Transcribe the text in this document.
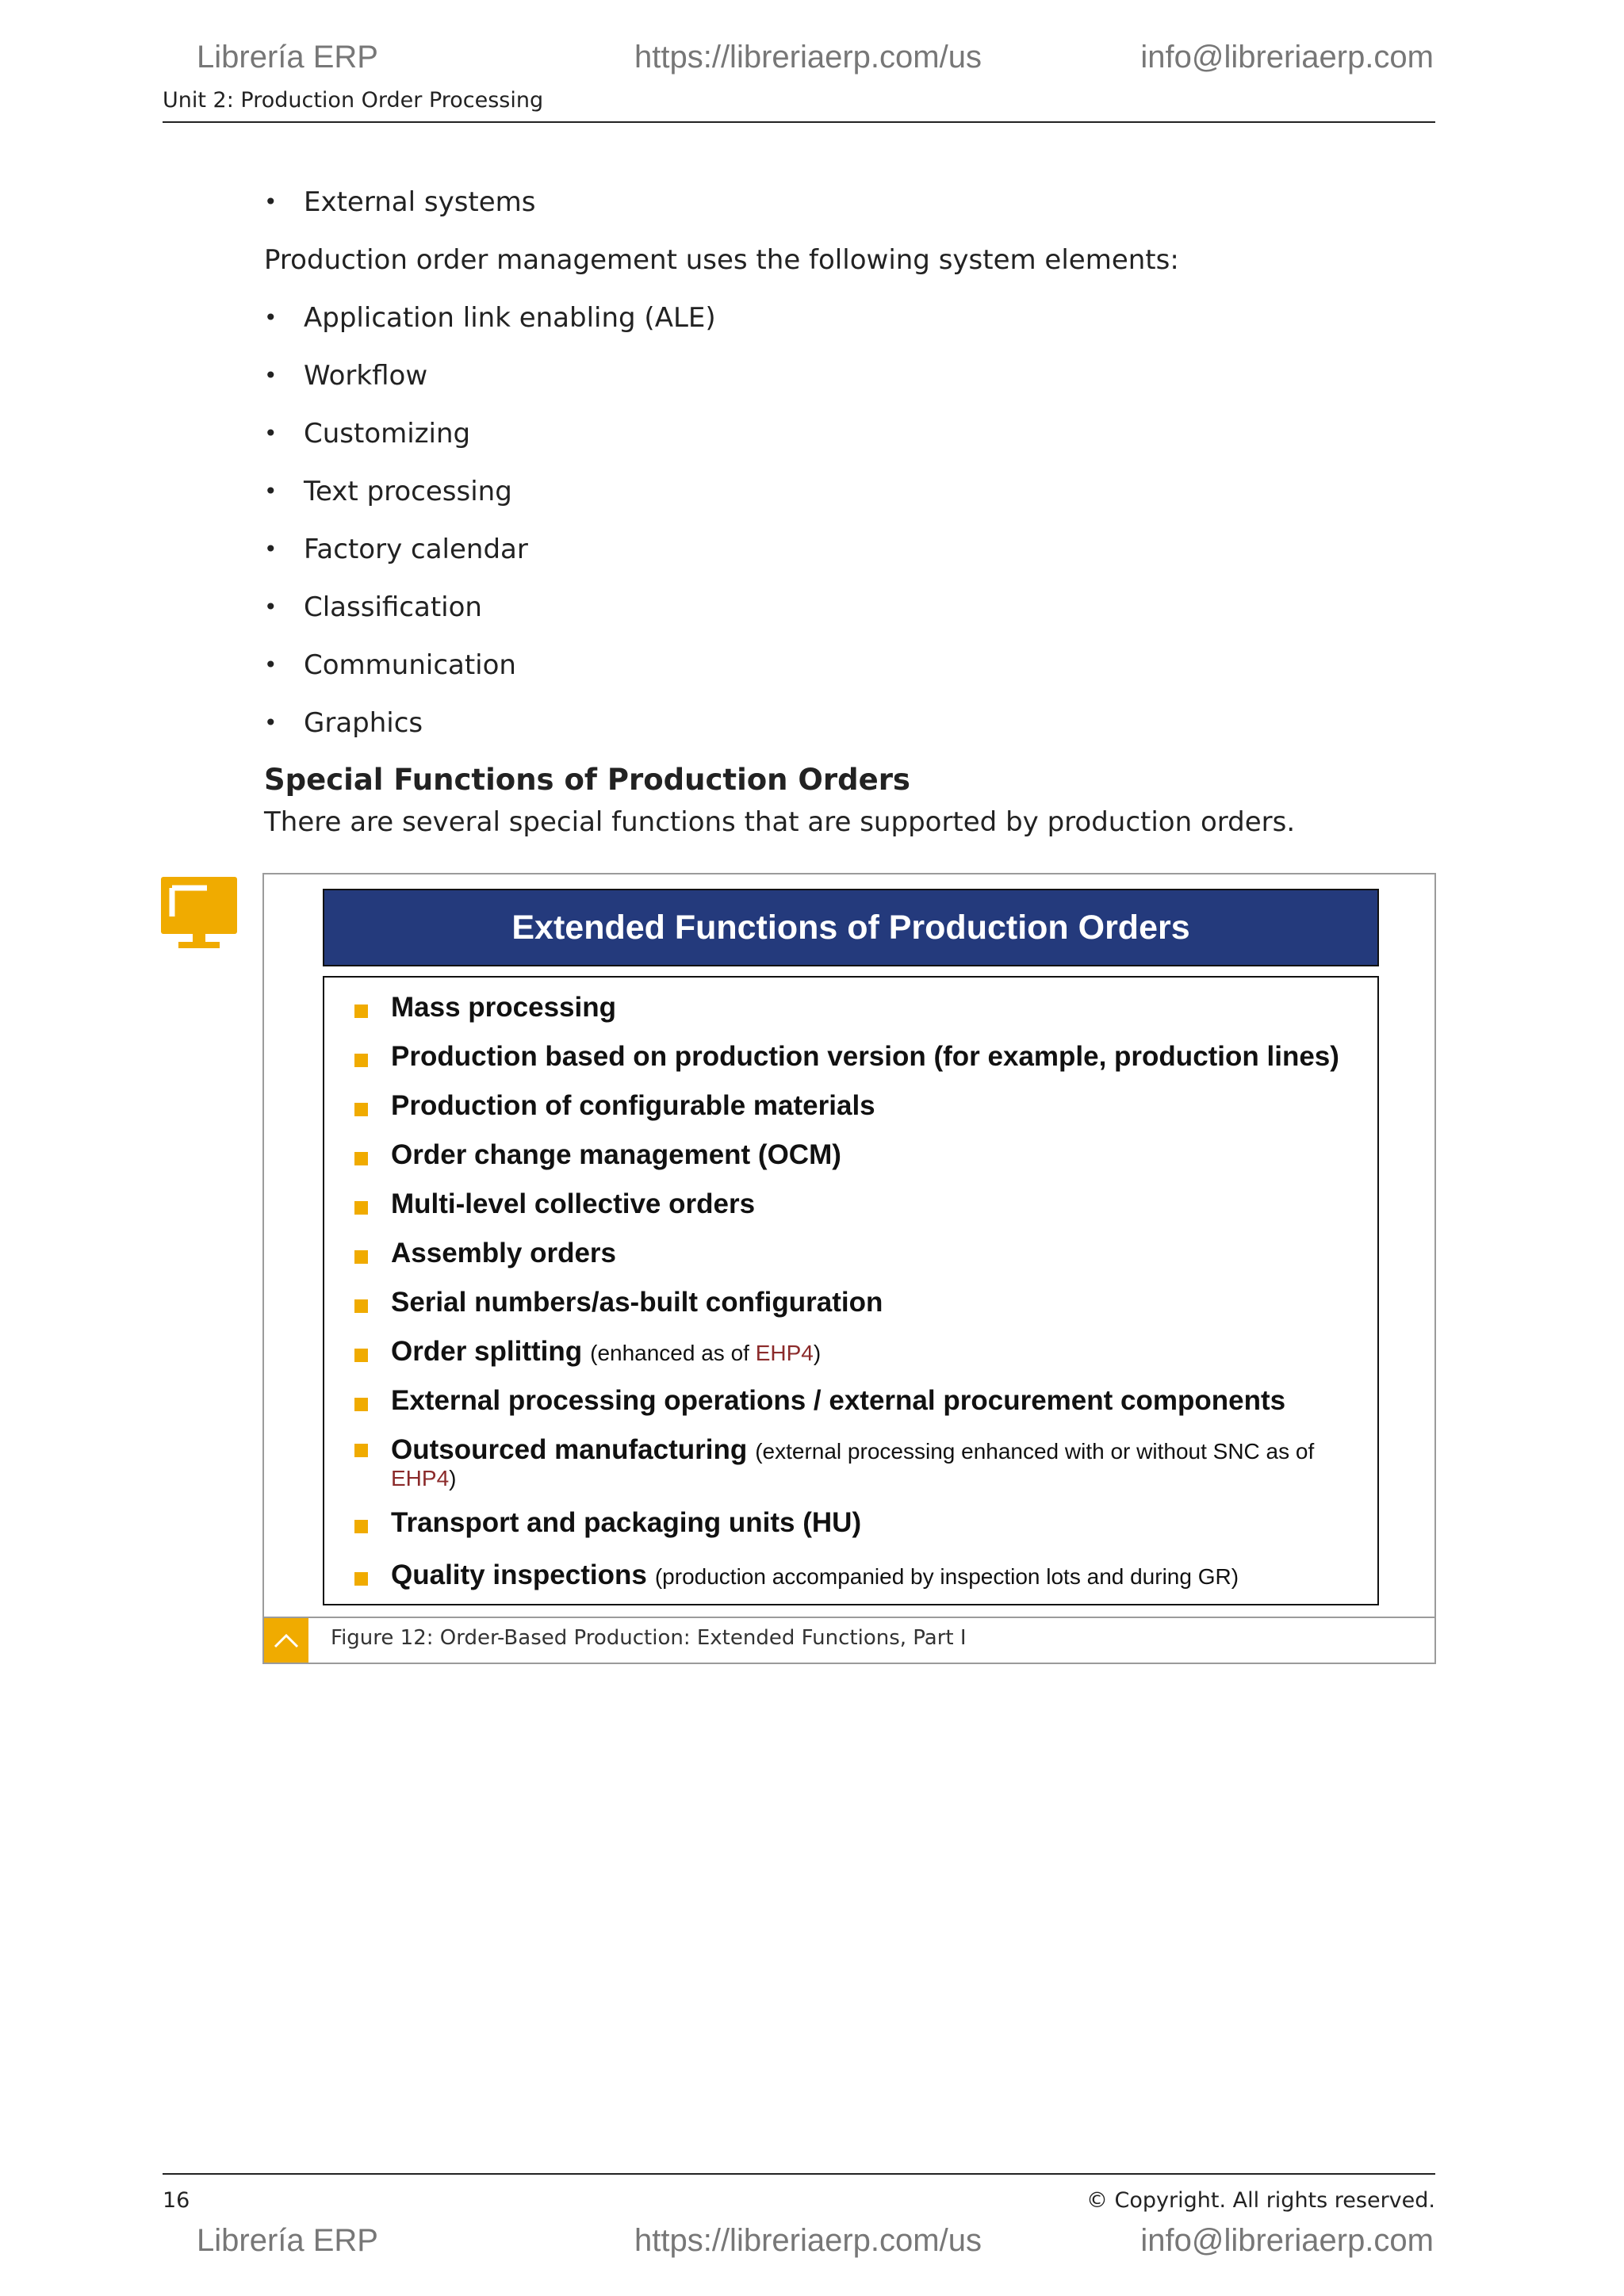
Librería ERP	https://libreriaerp.com/us	info@libreriaerp.com
Unit 2: Production Order Processing
• External systems
Production order management uses the following system elements:
• Application link enabling (ALE)
• Workflow
• Customizing
• Text processing
• Factory calendar
• Classification
• Communication
• Graphics
Special Functions of Production Orders
There are several special functions that are supported by production orders.
Extended Functions of Production Orders
Mass processing
Production based on production version (for example, production lines)
Production of configurable materials
Order change management (OCM)
Multi-level collective orders
Assembly orders
Serial numbers/as-built configuration
Order splitting (enhanced as of EHP4)
External processing operations / external procurement components
Outsourced manufacturing (external processing enhanced with or without SNC as of
EHP4)
Transport and packaging units (HU)
Quality inspections (production accompanied by inspection lots and during GR)
Figure 12: Order-Based Production: Extended Functions, Part I
16	© Copyright. All rights reserved.
Librería ERP	https://libreriaerp.com/us	info@libreriaerp.com
